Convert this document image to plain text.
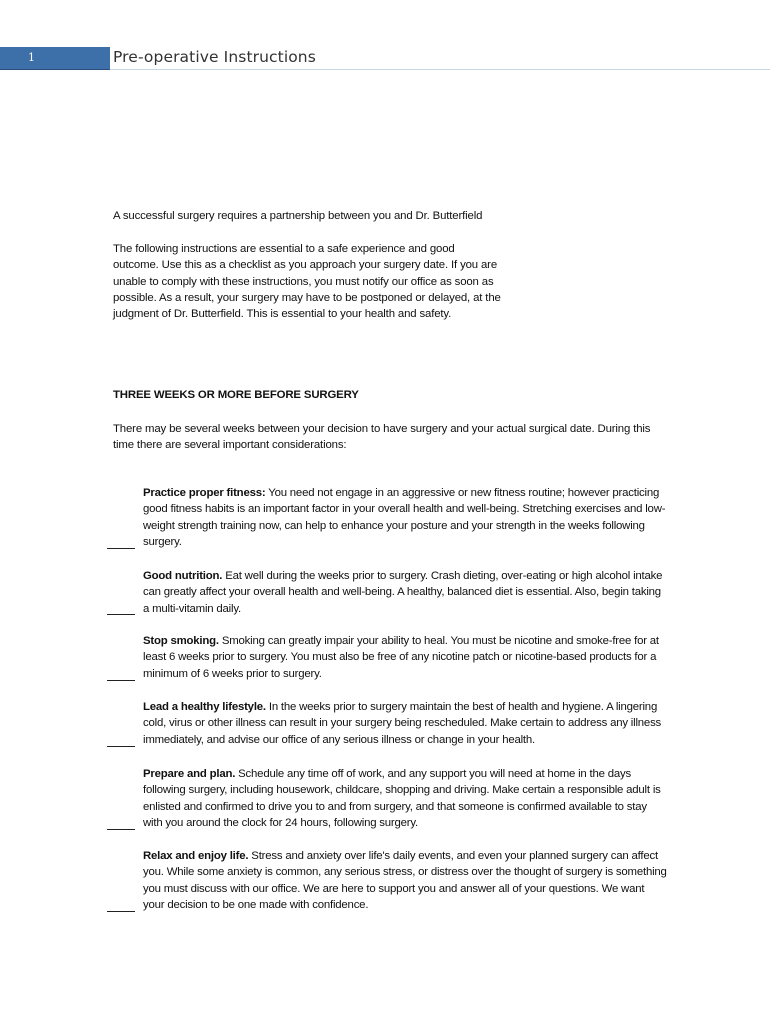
1	Pre-operative Instructions
A successful surgery requires a partnership between you and Dr. Butterfield
The following instructions are essential to a safe experience and good outcome. Use this as a checklist as you approach your surgery date. If you are unable to comply with these instructions, you must notify our office as soon as possible. As a result, your surgery may have to be postponed or delayed, at the judgment of Dr. Butterfield. This is essential to your health and safety.
THREE WEEKS OR MORE BEFORE SURGERY
There may be several weeks between your decision to have surgery and your actual surgical date. During this time there are several important considerations:
Practice proper fitness: You need not engage in an aggressive or new fitness routine; however practicing good fitness habits is an important factor in your overall health and well-being. Stretching exercises and low-weight strength training now, can help to enhance your posture and your strength in the weeks following surgery.
Good nutrition. Eat well during the weeks prior to surgery. Crash dieting, over-eating or high alcohol intake can greatly affect your overall health and well-being. A healthy, balanced diet is essential. Also, begin taking a multi-vitamin daily.
Stop smoking. Smoking can greatly impair your ability to heal. You must be nicotine and smoke-free for at least 6 weeks prior to surgery. You must also be free of any nicotine patch or nicotine-based products for a minimum of 6 weeks prior to surgery.
Lead a healthy lifestyle. In the weeks prior to surgery maintain the best of health and hygiene. A lingering cold, virus or other illness can result in your surgery being rescheduled. Make certain to address any illness immediately, and advise our office of any serious illness or change in your health.
Prepare and plan. Schedule any time off of work, and any support you will need at home in the days following surgery, including housework, childcare, shopping and driving. Make certain a responsible adult is enlisted and confirmed to drive you to and from surgery, and that someone is confirmed available to stay with you around the clock for 24 hours, following surgery.
Relax and enjoy life. Stress and anxiety over life's daily events, and even your planned surgery can affect you. While some anxiety is common, any serious stress, or distress over the thought of surgery is something you must discuss with our office. We are here to support you and answer all of your questions. We want your decision to be one made with confidence.
